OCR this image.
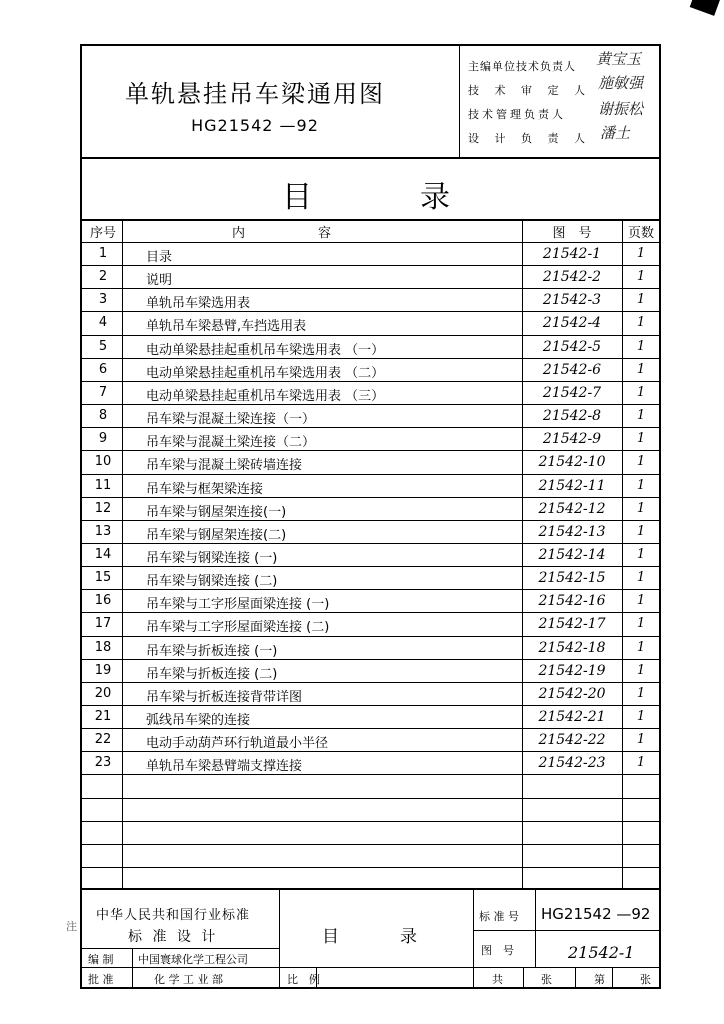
单轨悬挂吊车梁通用图
HG21542 —92
主编单位技术负责人 黄宝玉
技 术 审 定 人 施敏强
技术管理负责人 谢振松
设 计 负 责 人 潘土
目	录
序号	内	容	图　号	页数
1	目录	21542-1	1
2	说明	21542-2	1
3	单轨吊车梁选用表	21542-3	1
4	单轨吊车梁悬臂,车挡选用表	21542-4	1
5	电动单梁悬挂起重机吊车梁选用表 （一）	21542-5	1
6	电动单梁悬挂起重机吊车梁选用表 （二）	21542-6	1
7	电动单梁悬挂起重机吊车梁选用表 （三）	21542-7	1
8	吊车梁与混凝土梁连接（一）	21542-8	1
9	吊车梁与混凝土梁连接（二）	21542-9	1
10	吊车梁与混凝土梁砖墙连接	21542-10	1
11	吊车梁与框架梁连接	21542-11	1
12	吊车梁与钢屋架连接(一)	21542-12	1
13	吊车梁与钢屋架连接(二)	21542-13	1
14	吊车梁与钢梁连接 (一)	21542-14	1
15	吊车梁与钢梁连接 (二)	21542-15	1
16	吊车梁与工字形屋面梁连接 (一)	21542-16	1
17	吊车梁与工字形屋面梁连接 (二)	21542-17	1
18	吊车梁与折板连接 (一)	21542-18	1
19	吊车梁与折板连接 (二)	21542-19	1
20	吊车梁与折板连接背带详图	21542-20	1
21	弧线吊车梁的连接	21542-21	1
22	电动手动葫芦环行轨道最小半径	21542-22	1
23	单轨吊车梁悬臂端支撑连接	21542-23	1
中华人民共和国行业标准
标 准 设 计
编 制 中国寰球化学工程公司
批 准	化 学 工 业 部
目	录
比　例
标 准 号 HG21542 —92
图　号	21542-1
共	张	第	张
注
